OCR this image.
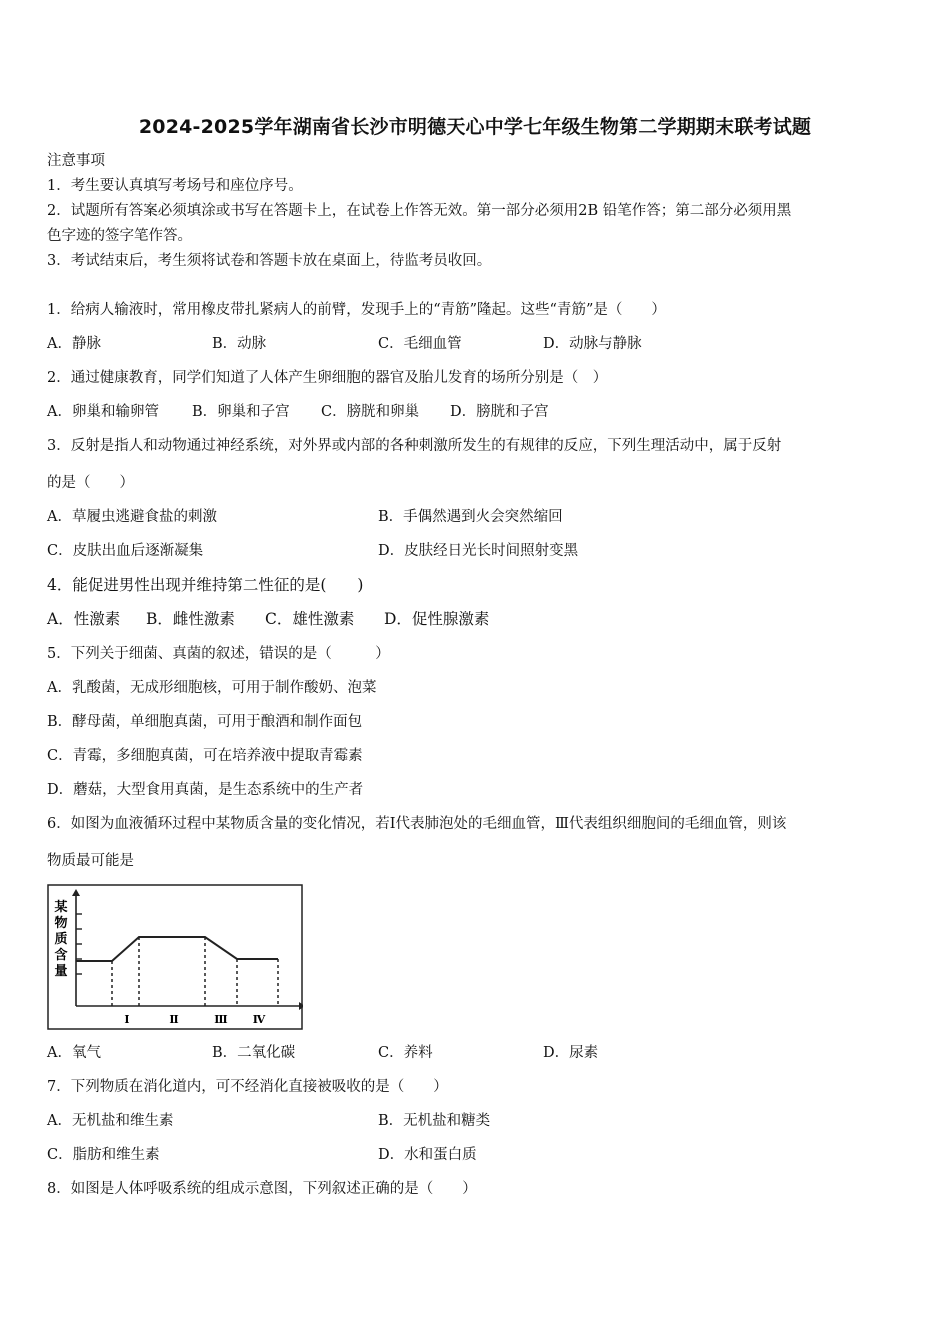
2024-2025学年湖南省长沙市明德天心中学七年级生物第二学期期末联考试题
注意事项
1．考生要认真填写考场号和座位序号。
2．试题所有答案必须填涂或书写在答题卡上，在试卷上作答无效。第一部分必须用2B 铅笔作答；第二部分必须用黑
色字迹的签字笔作答。
3．考试结束后，考生须将试卷和答题卡放在桌面上，待监考员收回。
1．给病人输液时，常用橡皮带扎紧病人的前臂，发现手上的“青筋”隆起。这些“青筋”是（　　）
A．静脉	B．动脉	C．毛细血管	D．动脉与静脉
2．通过健康教育，同学们知道了人体产生卵细胞的器官及胎儿发育的场所分别是（　）
A．卵巢和输卵管 B．卵巢和子宫 C．膀胱和卵巢 D．膀胱和子宫
3．反射是指人和动物通过神经系统，对外界或内部的各种刺激所发生的有规律的反应，下列生理活动中，属于反射
的是（　　）
A．草履虫逃避食盐的刺激	B．手偶然遇到火会突然缩回
C．皮肤出血后逐渐凝集	D．皮肤经日光长时间照射变黑
4．能促进男性出现并维持第二性征的是(　　)
A．性激素 B．雌性激素 C．雄性激素 D．促性腺激素
5．下列关于细菌、真菌的叙述，错误的是（　　　）
A．乳酸菌，无成形细胞核，可用于制作酸奶、泡菜
B．酵母菌，单细胞真菌，可用于酿酒和制作面包
C．青霉，多细胞真菌，可在培养液中提取青霉素
D．蘑菇，大型食用真菌，是生态系统中的生产者
6．如图为血液循环过程中某物质含量的变化情况，若I代表肺泡处的毛细血管，Ⅲ代表组织细胞间的毛细血管，则该
物质最可能是
某
物
质
含
量
Ⅰ	Ⅱ	Ⅲ Ⅳ
A．氧气	B．二氧化碳	C．养料	D．尿素
7．下列物质在消化道内，可不经消化直接被吸收的是（　　）
A．无机盐和维生素	B．无机盐和糖类
C．脂肪和维生素	D．水和蛋白质
8．如图是人体呼吸系统的组成示意图，下列叙述正确的是（　　）
